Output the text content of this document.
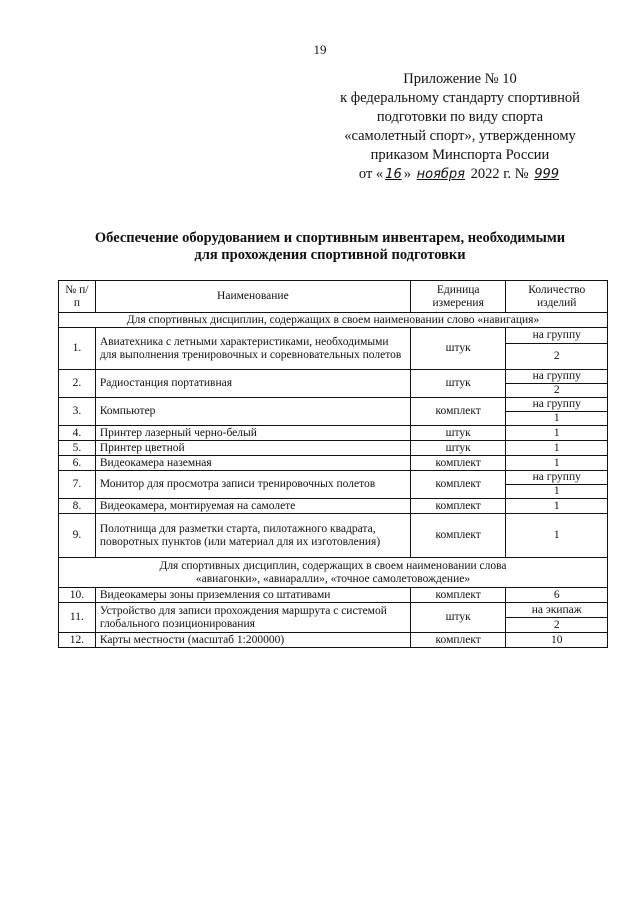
19
Приложение № 10
к федеральному стандарту спортивной
подготовки по виду спорта
«самолетный спорт», утвержденному
приказом Минспорта России
от « 16 » ноября 2022 г. № 999
Обеспечение оборудованием и спортивным инвентарем, необходимыми
для прохождения спортивной подготовки
№ п/п	Наименование	Единица измерения	Количество изделий
Для спортивных дисциплин, содержащих в своем наименовании слово «навигация»			
1.	Авиатехника с летными характеристиками, необходимыми для выполнения тренировочных и соревновательных полетов	штук	на группу
			2
2.	Радиостанция портативная	штук	на группу
			2
3.	Компьютер	комплект	на группу
			1
4.	Принтер лазерный черно-белый	штук	1
5.	Принтер цветной	штук	1
6.	Видеокамера наземная	комплект	1
7.	Монитор для просмотра записи тренировочных полетов	комплект	на группу
			1
8.	Видеокамера, монтируемая на самолете	комплект	1
9.	Полотнища для разметки старта, пилотажного квадрата, поворотных пунктов (или материал для их изготовления)	комплект	1

Для спортивных дисциплин, содержащих в своем наименовании слова
«авиагонки», «авиаралли», «точное самолетовождение»			

10.	Видеокамеры зоны приземления со штативами	комплект	6
11.	Устройство для записи прохождения маршрута с системой глобального позиционирования	штук	на экипаж
			2
12.	Карты местности (масштаб 1:200000)	комплект	10
